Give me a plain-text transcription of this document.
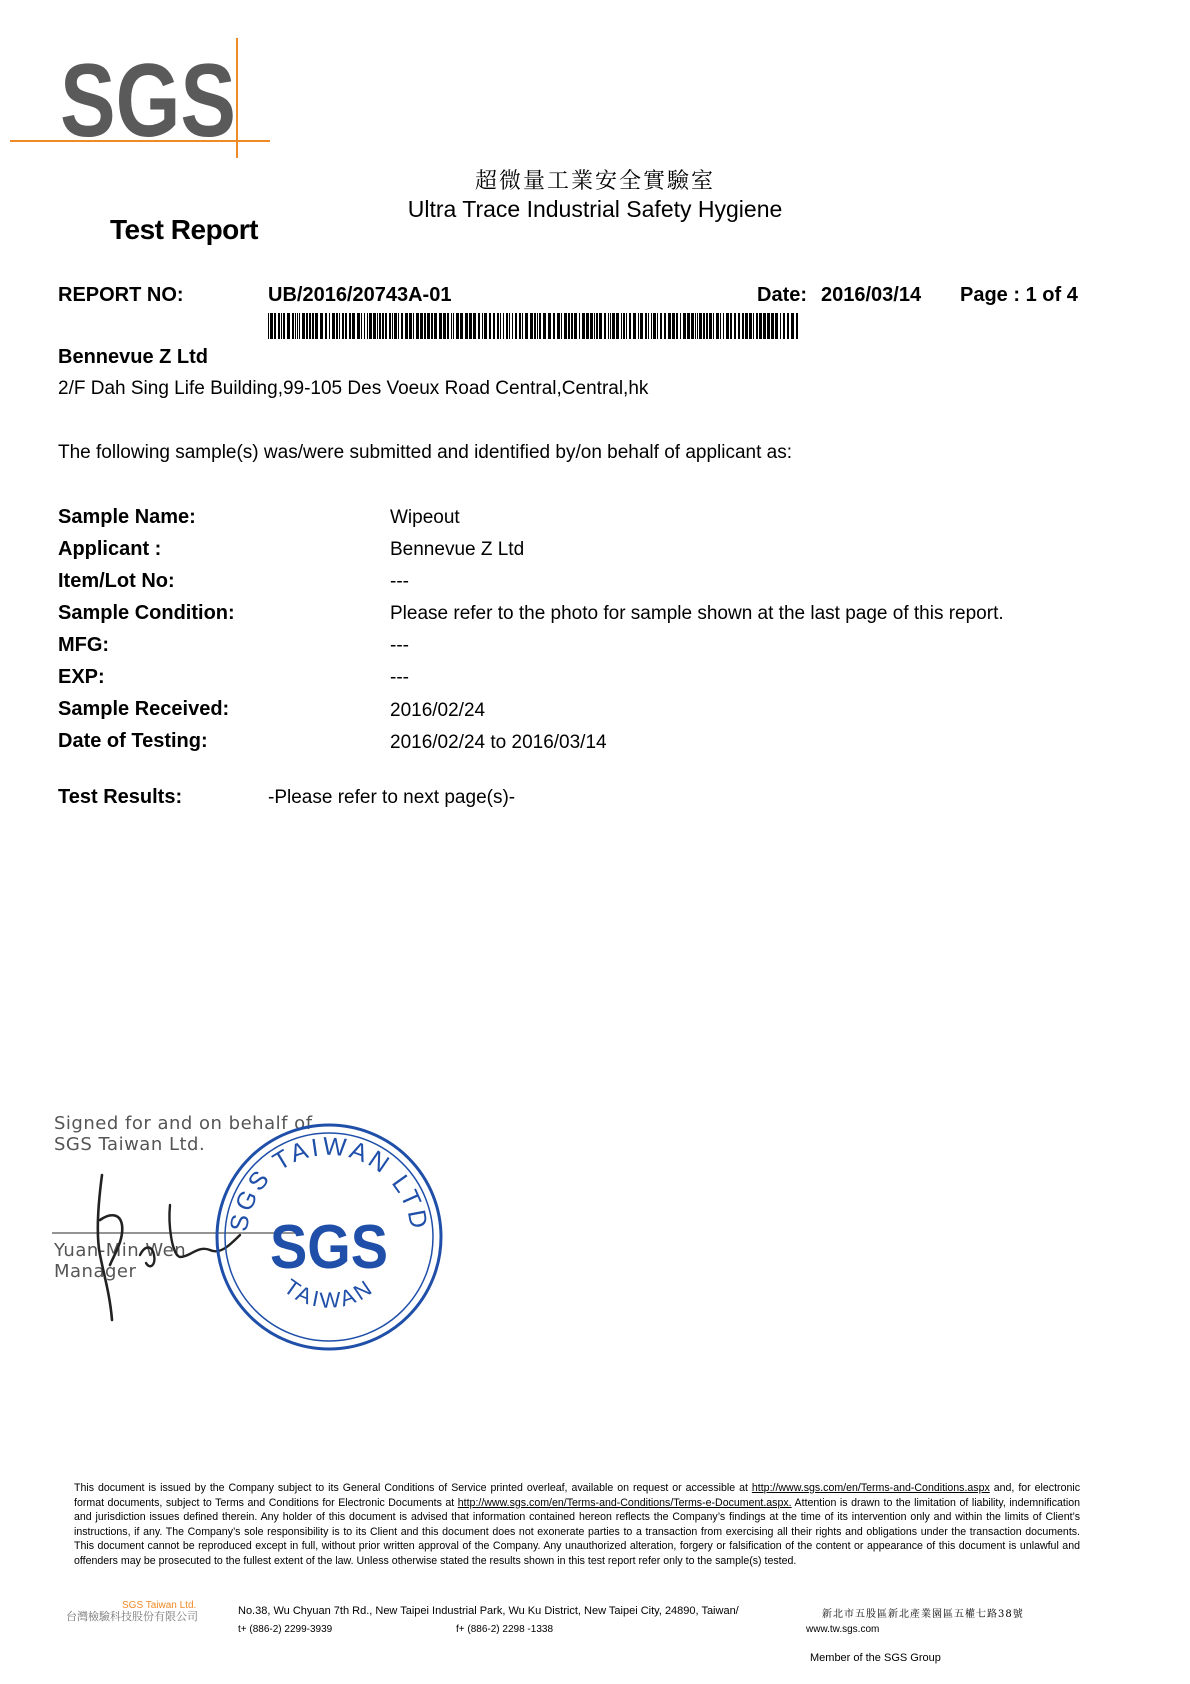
SGS
超微量工業安全實驗室
Ultra Trace Industrial Safety Hygiene
Test Report
REPORT NO:	UB/2016/20743A-01	Date: 2016/03/14 Page : 1 of 4
Bennevue Z Ltd
2/F Dah Sing Life Building,99-105 Des Voeux Road Central,Central,hk
The following sample(s) was/were submitted and identified by/on behalf of applicant as:
Sample Name:	Wipeout
Applicant :	Bennevue Z Ltd
Item/Lot No:	---
Sample Condition:	Please refer to the photo for sample shown at the last page of this report.
MFG:	---
EXP:	---
Sample Received:	2016/02/24
Date of Testing:	2016/02/24 to 2016/03/14
Test Results:	-Please refer to next page(s)-
Signed for and on behalf of
SGS Taiwan Ltd.
Yuan-Min Wen
Manager
SGS TAIWAN LTD
SGS
TAIWAN
This document is issued by the Company subject to its General Conditions of Service printed overleaf, available on request or accessible at http://www.sgs.com/en/Terms-and-Conditions.aspx and, for electronic format documents, subject to Terms and Conditions for Electronic Documents at http://www.sgs.com/en/Terms-and-Conditions/Terms-e-Document.aspx. Attention is drawn to the limitation of liability, indemnification and jurisdiction issues defined therein. Any holder of this document is advised that information contained hereon reflects the Company’s findings at the time of its intervention only and within the limits of Client’s instructions, if any. The Company’s sole responsibility is to its Client and this document does not exonerate parties to a transaction from exercising all their rights and obligations under the transaction documents. This document cannot be reproduced except in full, without prior written approval of the Company. Any unauthorized alteration, forgery or falsification of the content or appearance of this document is unlawful and offenders may be prosecuted to the fullest extent of the law. Unless otherwise stated the results shown in this test report refer only to the sample(s) tested.
台灣檢驗科技股份有限公司
SGS Taiwan Ltd.	No.38, Wu Chyuan 7th Rd., New Taipei Industrial Park, Wu Ku District, New Taipei City, 24890, Taiwan/	新北市五股區新北產業園區五權七路38號
t+ (886-2) 2299-3939	f+ (886-2) 2298 -1338	www.tw.sgs.com
Member of the SGS Group
